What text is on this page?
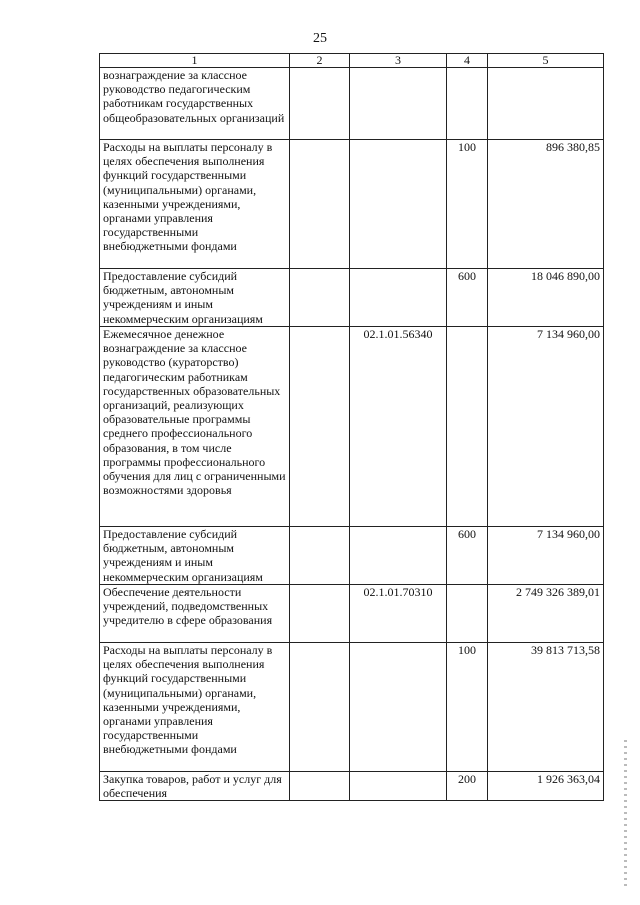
25
1	2	3	4	5
вознаграждение за классное руководство педагогическим работникам государственных общеобразовательных организаций				
Расходы на выплаты персоналу в целях обеспечения выполнения функций государственными (муниципальными) органами, казенными учреждениями, органами управления государственными внебюджетными фондами			100	896 380,85
Предоставление субсидий бюджетным, автономным учреждениям и иным некоммерческим организациям			600	18 046 890,00
Ежемесячное денежное вознаграждение за классное руководство (кураторство) педагогическим работникам государственных образовательных организаций, реализующих образовательные программы среднего профессионального образования, в том числе программы профессионального обучения для лиц с ограниченными возможностями здоровья		02.1.01.56340		7 134 960,00
Предоставление субсидий бюджетным, автономным учреждениям и иным некоммерческим организациям			600	7 134 960,00
Обеспечение деятельности учреждений, подведомственных учредителю в сфере образования		02.1.01.70310		2 749 326 389,01
Расходы на выплаты персоналу в целях обеспечения выполнения функций государственными (муниципальными) органами, казенными учреждениями, органами управления государственными внебюджетными фондами			100	39 813 713,58
Закупка товаров, работ и услуг для обеспечения			200	1 926 363,04
